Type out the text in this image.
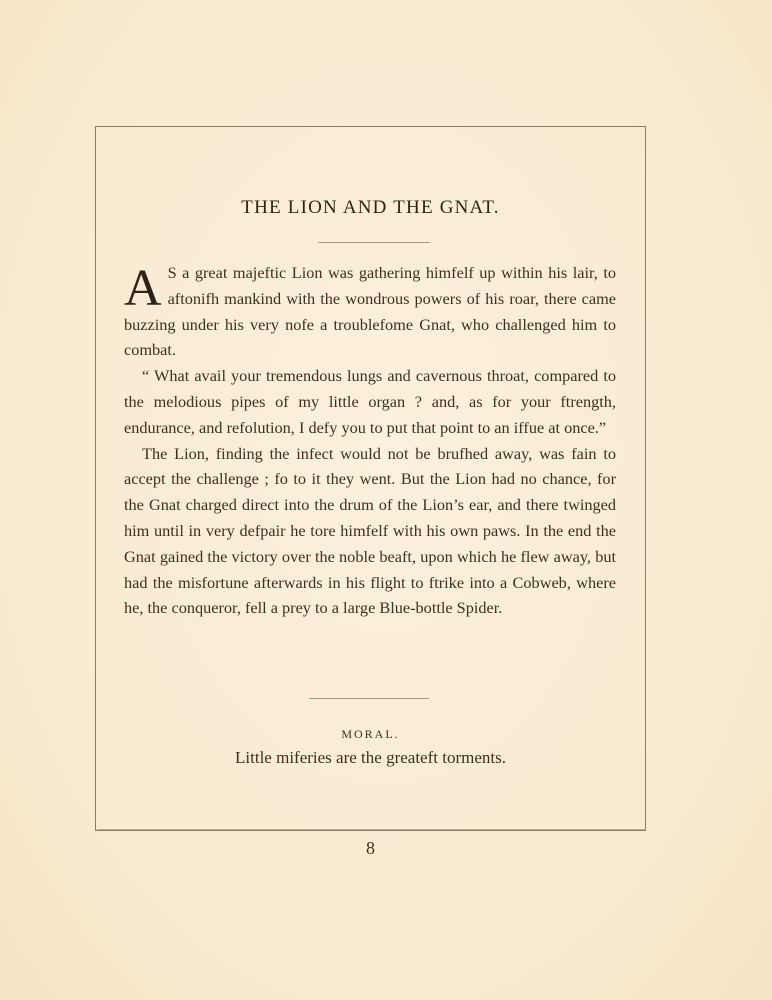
THE LION AND THE GNAT.

A S a great majeftic Lion was gathering himfelf up within his lair, to aftonifh mankind with the wondrous powers of his roar, there came buzzing under his very nofe a troublefome Gnat, who challenged him to combat.

“ What avail your tremendous lungs and cavernous throat, compared to the melodious pipes of my little organ ? and, as for your ftrength, endurance, and refolution, I defy you to put that point to an iffue at once.”

The Lion, finding the infect would not be brufhed away, was fain to accept the challenge ; fo to it they went. But the Lion had no chance, for the Gnat charged direct into the drum of the Lion’s ear, and there twinged him until in very defpair he tore himfelf with his own paws. In the end the Gnat gained the victory over the noble beaft, upon which he flew away, but had the misfortune afterwards in his flight to ftrike into a Cobweb, where he, the conqueror, fell a prey to a large Blue-bottle Spider.

MORAL.
Little miferies are the greateft torments.
8
